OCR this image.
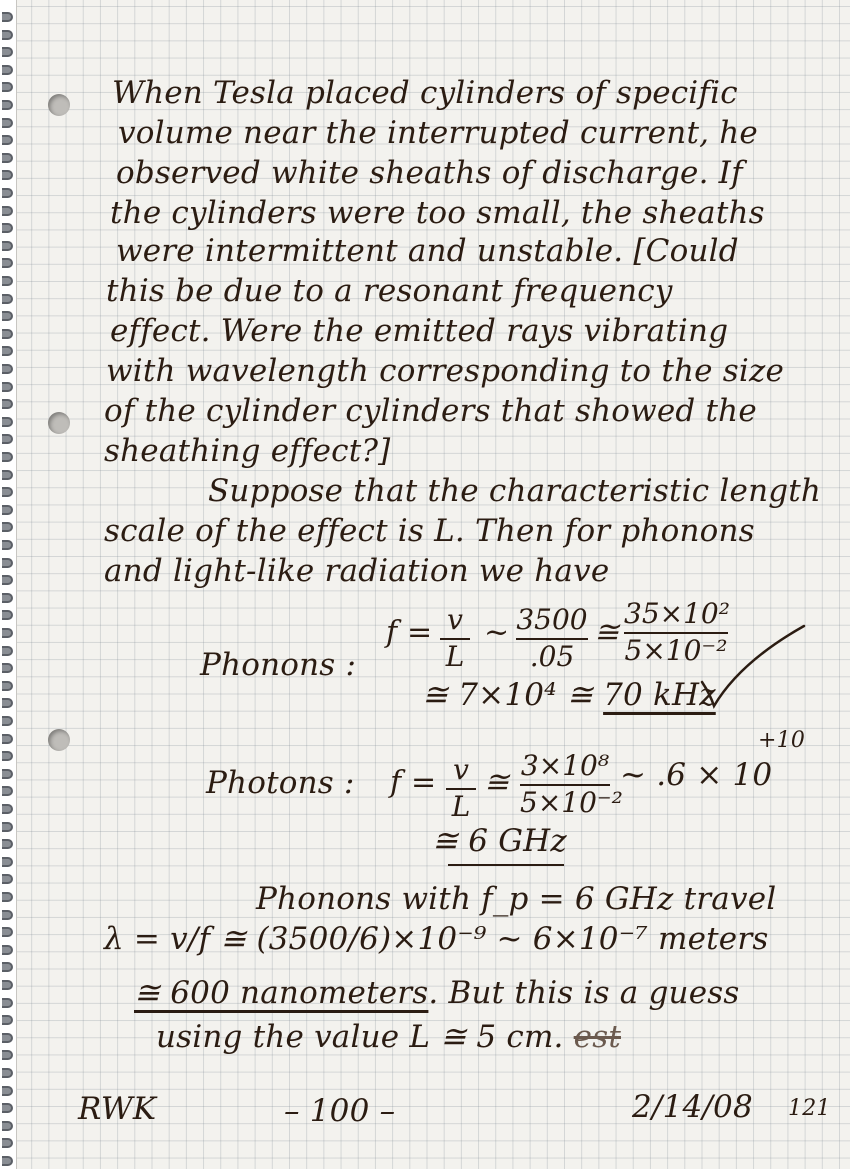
When Tesla placed cylinders of specific
volume near the interrupted current, he
observed white sheaths of discharge. If
the cylinders were too small, the sheaths
were intermittent and unstable. [Could
this be due to a resonant frequency
effect. Were the emitted rays vibrating
with wavelength corresponding to the size
of the cylinder cylinders that showed the
sheathing effect?]
Suppose that the characteristic length
scale of the effect is L. Then for phonons
and light-like radiation we have
Phonons :
f = v
L
~ 3500
.05
≅
35×10²
5×10⁻²
≅ 7×10⁴ ≅ 70 kHz
Photons : f = v
L
≅ 3×10⁸
5×10⁻²
~ .6 × 10
+10
≅ 6 GHz
Phonons with f_p = 6 GHz travel
λ = v/f ≅ (3500/6)×10⁻⁹ ~ 6×10⁻⁷ meters
≅ 600 nanometers. But this is a guess
using the value L ≅ 5 cm. est
RWK	– 100 –	2/14/08 121
